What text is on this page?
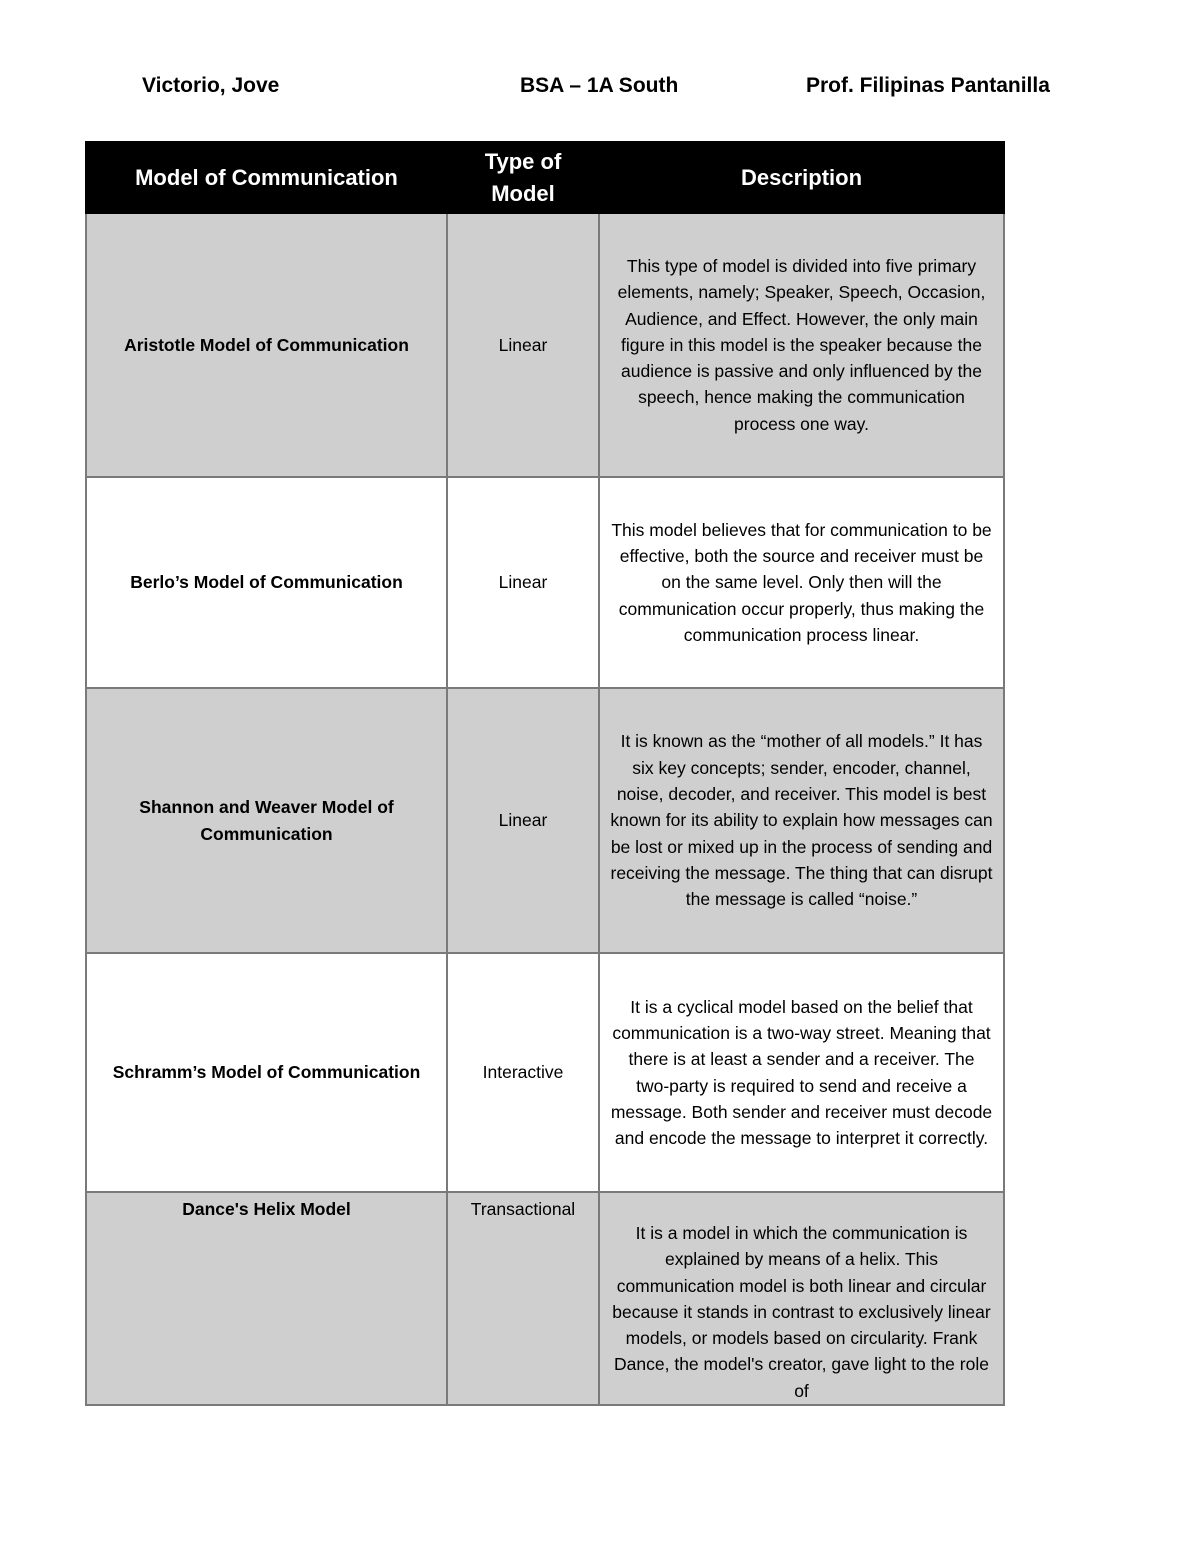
Victorio, Jove	BSA – 1A South	Prof. Filipinas Pantanilla
Model of Communication	Type of Model	Description
Aristotle Model of Communication	Linear	This type of model is divided into five primary elements, namely; Speaker, Speech, Occasion, Audience, and Effect. However, the only main figure in this model is the speaker because the audience is passive and only influenced by the speech, hence making the communication process one way.
Berlo’s Model of Communication	Linear	This model believes that for communication to be effective, both the source and receiver must be on the same level. Only then will the communication occur properly, thus making the communication process linear.
Shannon and Weaver Model of Communication	Linear	It is known as the “mother of all models.” It has six key concepts; sender, encoder, channel, noise, decoder, and receiver. This model is best known for its ability to explain how messages can be lost or mixed up in the process of sending and receiving the message. The thing that can disrupt the message is called “noise.”
Schramm’s Model of Communication	Interactive	It is a cyclical model based on the belief that communication is a two-way street. Meaning that there is at least a sender and a receiver. The two-party is required to send and receive a message. Both sender and receiver must decode and encode the message to interpret it correctly.
Dance's Helix Model	Transactional	It is a model in which the communication is explained by means of a helix. This communication model is both linear and circular because it stands in contrast to exclusively linear models, or models based on circularity. Frank Dance, the model's creator, gave light to the role of
